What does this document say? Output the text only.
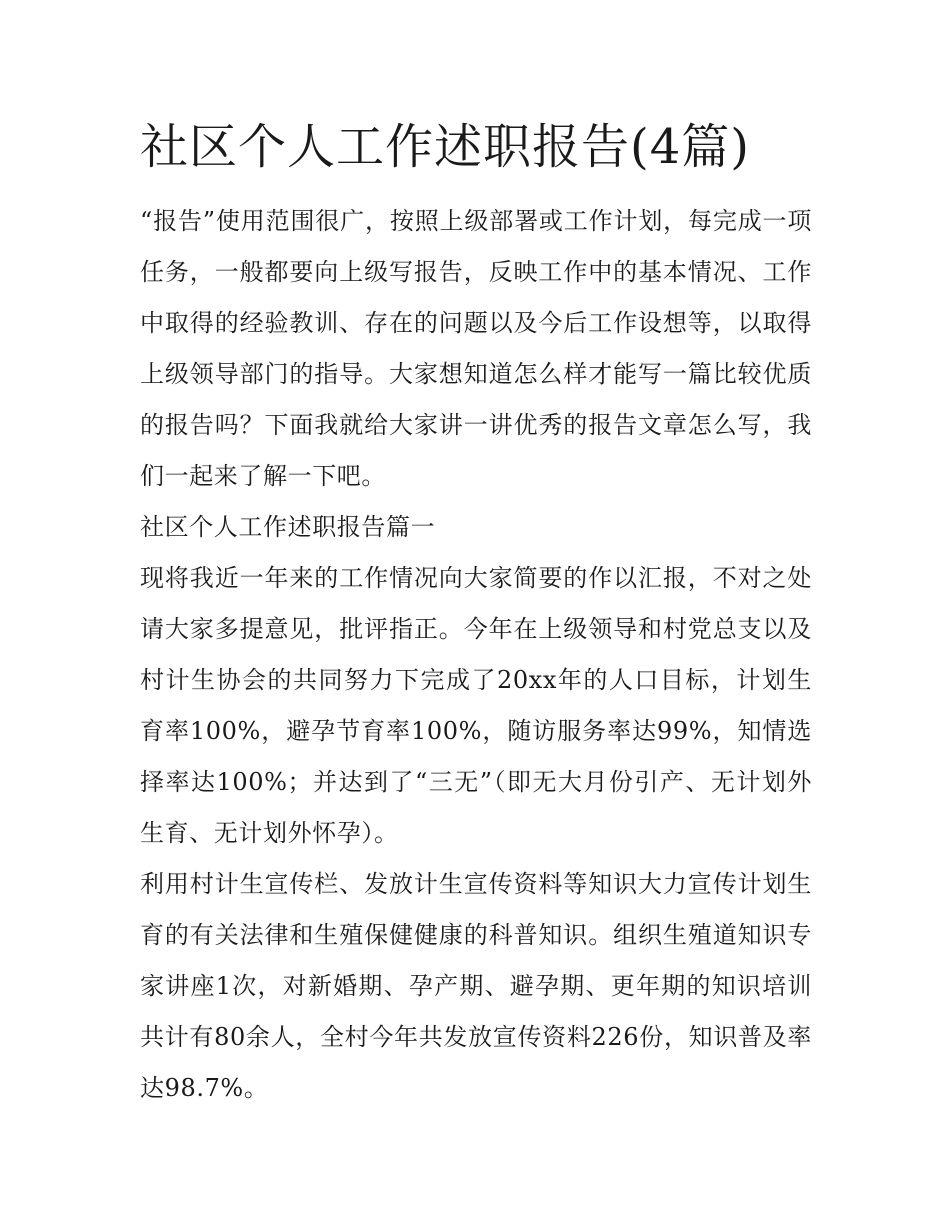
社区个人工作述职报告(4篇)

“报告”使用范围很广，按照上级部署或工作计划，每完成一项任务，一般都要向上级写报告，反映工作中的基本情况、工作中取得的经验教训、存在的问题以及今后工作设想等，以取得上级领导部门的指导。大家想知道怎么样才能写一篇比较优质的报告吗？下面我就给大家讲一讲优秀的报告文章怎么写，我们一起来了解一下吧。

社区个人工作述职报告篇一

现将我近一年来的工作情况向大家简要的作以汇报，不对之处请大家多提意见，批评指正。今年在上级领导和村党总支以及村计生协会的共同努力下完成了20xx年的人口目标，计划生育率100%，避孕节育率100%，随访服务率达99%，知情选择率达100%；并达到了“三无”（即无大月份引产、无计划外生育、无计划外怀孕）。

利用村计生宣传栏、发放计生宣传资料等知识大力宣传计划生育的有关法律和生殖保健健康的科普知识。组织生殖道知识专家讲座1次，对新婚期、孕产期、避孕期、更年期的知识培训共计有80余人，全村今年共发放宣传资料226份，知识普及率达98.7%。
